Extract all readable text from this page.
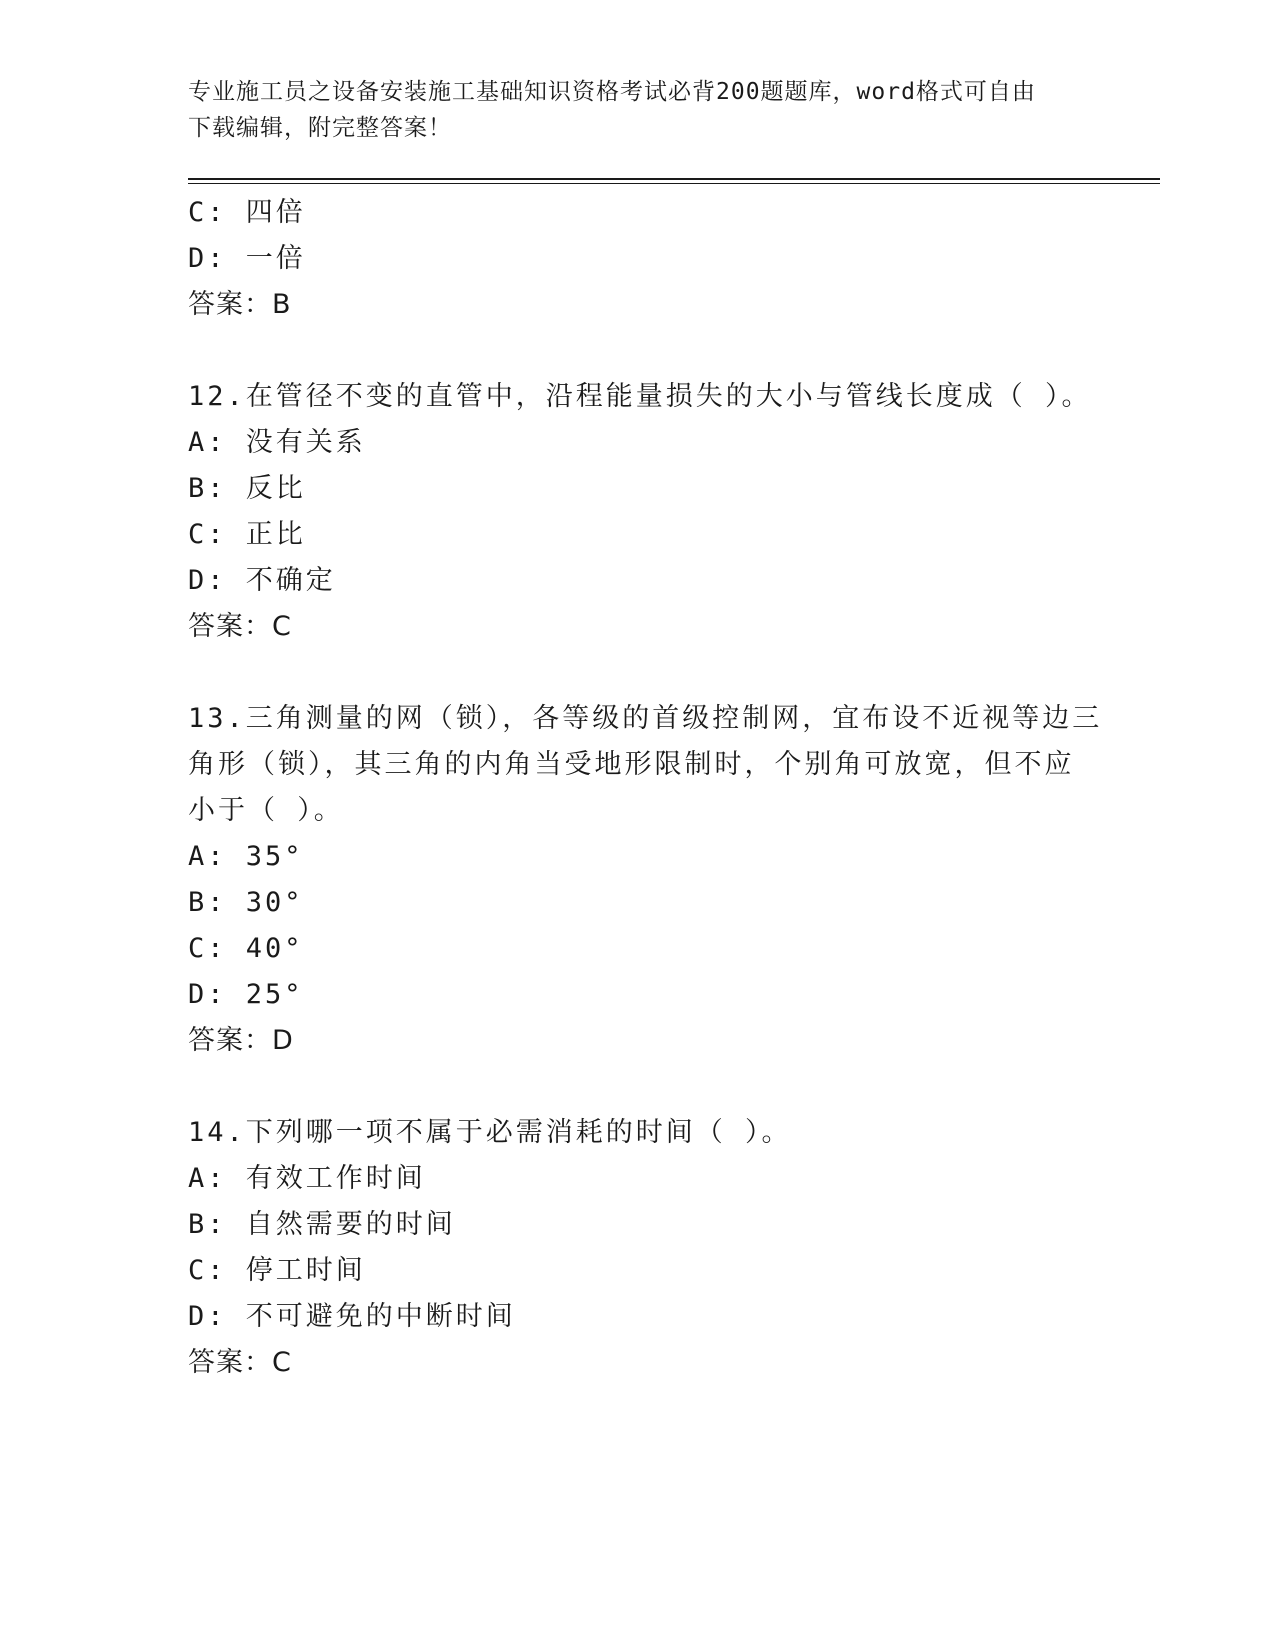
专业施工员之设备安装施工基础知识资格考试必背200题题库，word格式可自由
下载编辑，附完整答案！
C: 四倍
D: 一倍
答案：B
12.在管径不变的直管中，沿程能量损失的大小与管线长度成（ ）。
A: 没有关系
B: 反比
C: 正比
D: 不确定
答案：C
13.三角测量的网（锁），各等级的首级控制网，宜布设不近视等边三
角形（锁），其三角的内角当受地形限制时，个别角可放宽，但不应
小于（ ）。
A: 35°
B: 30°
C: 40°
D: 25°
答案：D
14.下列哪一项不属于必需消耗的时间（ ）。
A: 有效工作时间
B: 自然需要的时间
C: 停工时间
D: 不可避免的中断时间
答案：C
